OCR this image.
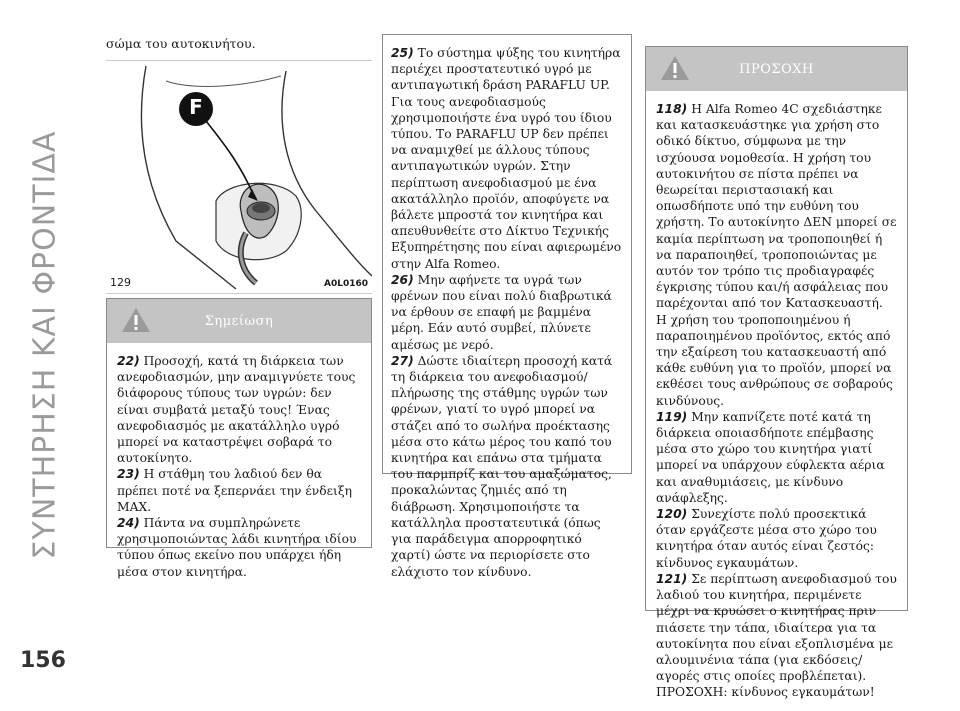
ΣΥΝΤΗΡΗΣΗ ΚΑΙ ΦΡΟΝΤΙΔΑ
156
σώμα του αυτοκινήτου.
F
129	A0L0160
Σημείωση

22) Προσοχή, κατά τη διάρκεια των ανεφοδιασμών, μην αναμιγνύετε τους διάφορους τύπους των υγρών: δεν είναι συμβατά μεταξύ τους! Ένας ανεφοδιασμός με ακατάλληλο υγρό μπορεί να καταστρέψει σοβαρά το αυτοκίνητο.

23) Η στάθμη του λαδιού δεν θα πρέπει ποτέ να ξεπερνάει την ένδειξη MAX.

24) Πάντα να συμπληρώνετε χρησιμοποιώντας λάδι κινητήρα ιδίου τύπου όπως εκείνο που υπάρχει ήδη μέσα στον κινητήρα.

25) Το σύστημα ψύξης του κινητήρα περιέχει προστατευτικό υγρό με αντιπαγωτική δράση PARAFLU UP. Για τους ανεφοδιασμούς χρησιμοποιήστε ένα υγρό του ίδιου τύπου. Το PARAFLU UP δεν πρέπει να αναμιχθεί με άλλους τύπους αντιπαγωτικών υγρών. Στην περίπτωση ανεφοδιασμού με ένα ακατάλληλο προϊόν, αποφύγετε να βάλετε μπροστά τον κινητήρα και απευθυνθείτε στο Δίκτυο Τεχνικής Εξυπηρέτησης που είναι αφιερωμένο στην Alfa Romeo.

26) Μην αφήνετε τα υγρά των φρένων που είναι πολύ διαβρωτικά να έρθουν σε επαφή με βαμμένα μέρη. Εάν αυτό συμβεί, πλύνετε αμέσως με νερό.

27) Δώστε ιδιαίτερη προσοχή κατά τη διάρκεια του ανεφοδιασμού/πλήρωσης της στάθμης υγρών των φρένων, γιατί το υγρό μπορεί να στάζει από το σωλήνα προέκτασης μέσα στο κάτω μέρος του καπό του κινητήρα και επάνω στα τμήματα του παρμπρίζ και του αμαξώματος, προκαλώντας ζημιές από τη διάβρωση. Χρησιμοποιήστε τα κατάλληλα προστατευτικά (όπως για παράδειγμα απορροφητικό χαρτί) ώστε να περιορίσετε στο ελάχιστο τον κίνδυνο.

ΠΡΟΣΟΧΗ

118) Η Alfa Romeo 4C σχεδιάστηκε και κατασκευάστηκε για χρήση στο οδικό δίκτυο, σύμφωνα με την ισχύουσα νομοθεσία. Η χρήση του αυτοκινήτου σε πίστα πρέπει να θεωρείται περιστασιακή και οπωσδήποτε υπό την ευθύνη του χρήστη. Το αυτοκίνητο ΔΕΝ μπορεί σε καμία περίπτωση να τροποποιηθεί ή να παραποιηθεί, τροποποιώντας με αυτόν τον τρόπο τις προδιαγραφές έγκρισης τύπου και/ή ασφάλειας που παρέχονται από τον Κατασκευαστή. Η χρήση του τροποποιημένου ή παραποιημένου προϊόντος, εκτός από την εξαίρεση του κατασκευαστή από κάθε ευθύνη για το προϊόν, μπορεί να εκθέσει τους ανθρώπους σε σοβαρούς κινδύνους.

119) Μην καπνίζετε ποτέ κατά τη διάρκεια οποιασδήποτε επέμβασης μέσα στο χώρο του κινητήρα γιατί μπορεί να υπάρχουν εύφλεκτα αέρια και αναθυμιάσεις, με κίνδυνο ανάφλεξης.

120) Συνεχίστε πολύ προσεκτικά όταν εργάζεστε μέσα στο χώρο του κινητήρα όταν αυτός είναι ζεστός: κίνδυνος εγκαυμάτων.

121) Σε περίπτωση ανεφοδιασμού του λαδιού του κινητήρα, περιμένετε μέχρι να κρυώσει ο κινητήρας πριν πιάσετε την τάπα, ιδιαίτερα για τα αυτοκίνητα που είναι εξοπλισμένα με αλουμινένια τάπα (για εκδόσεις/αγορές στις οποίες προβλέπεται). ΠΡΟΣΟΧΗ: κίνδυνος εγκαυμάτων!
